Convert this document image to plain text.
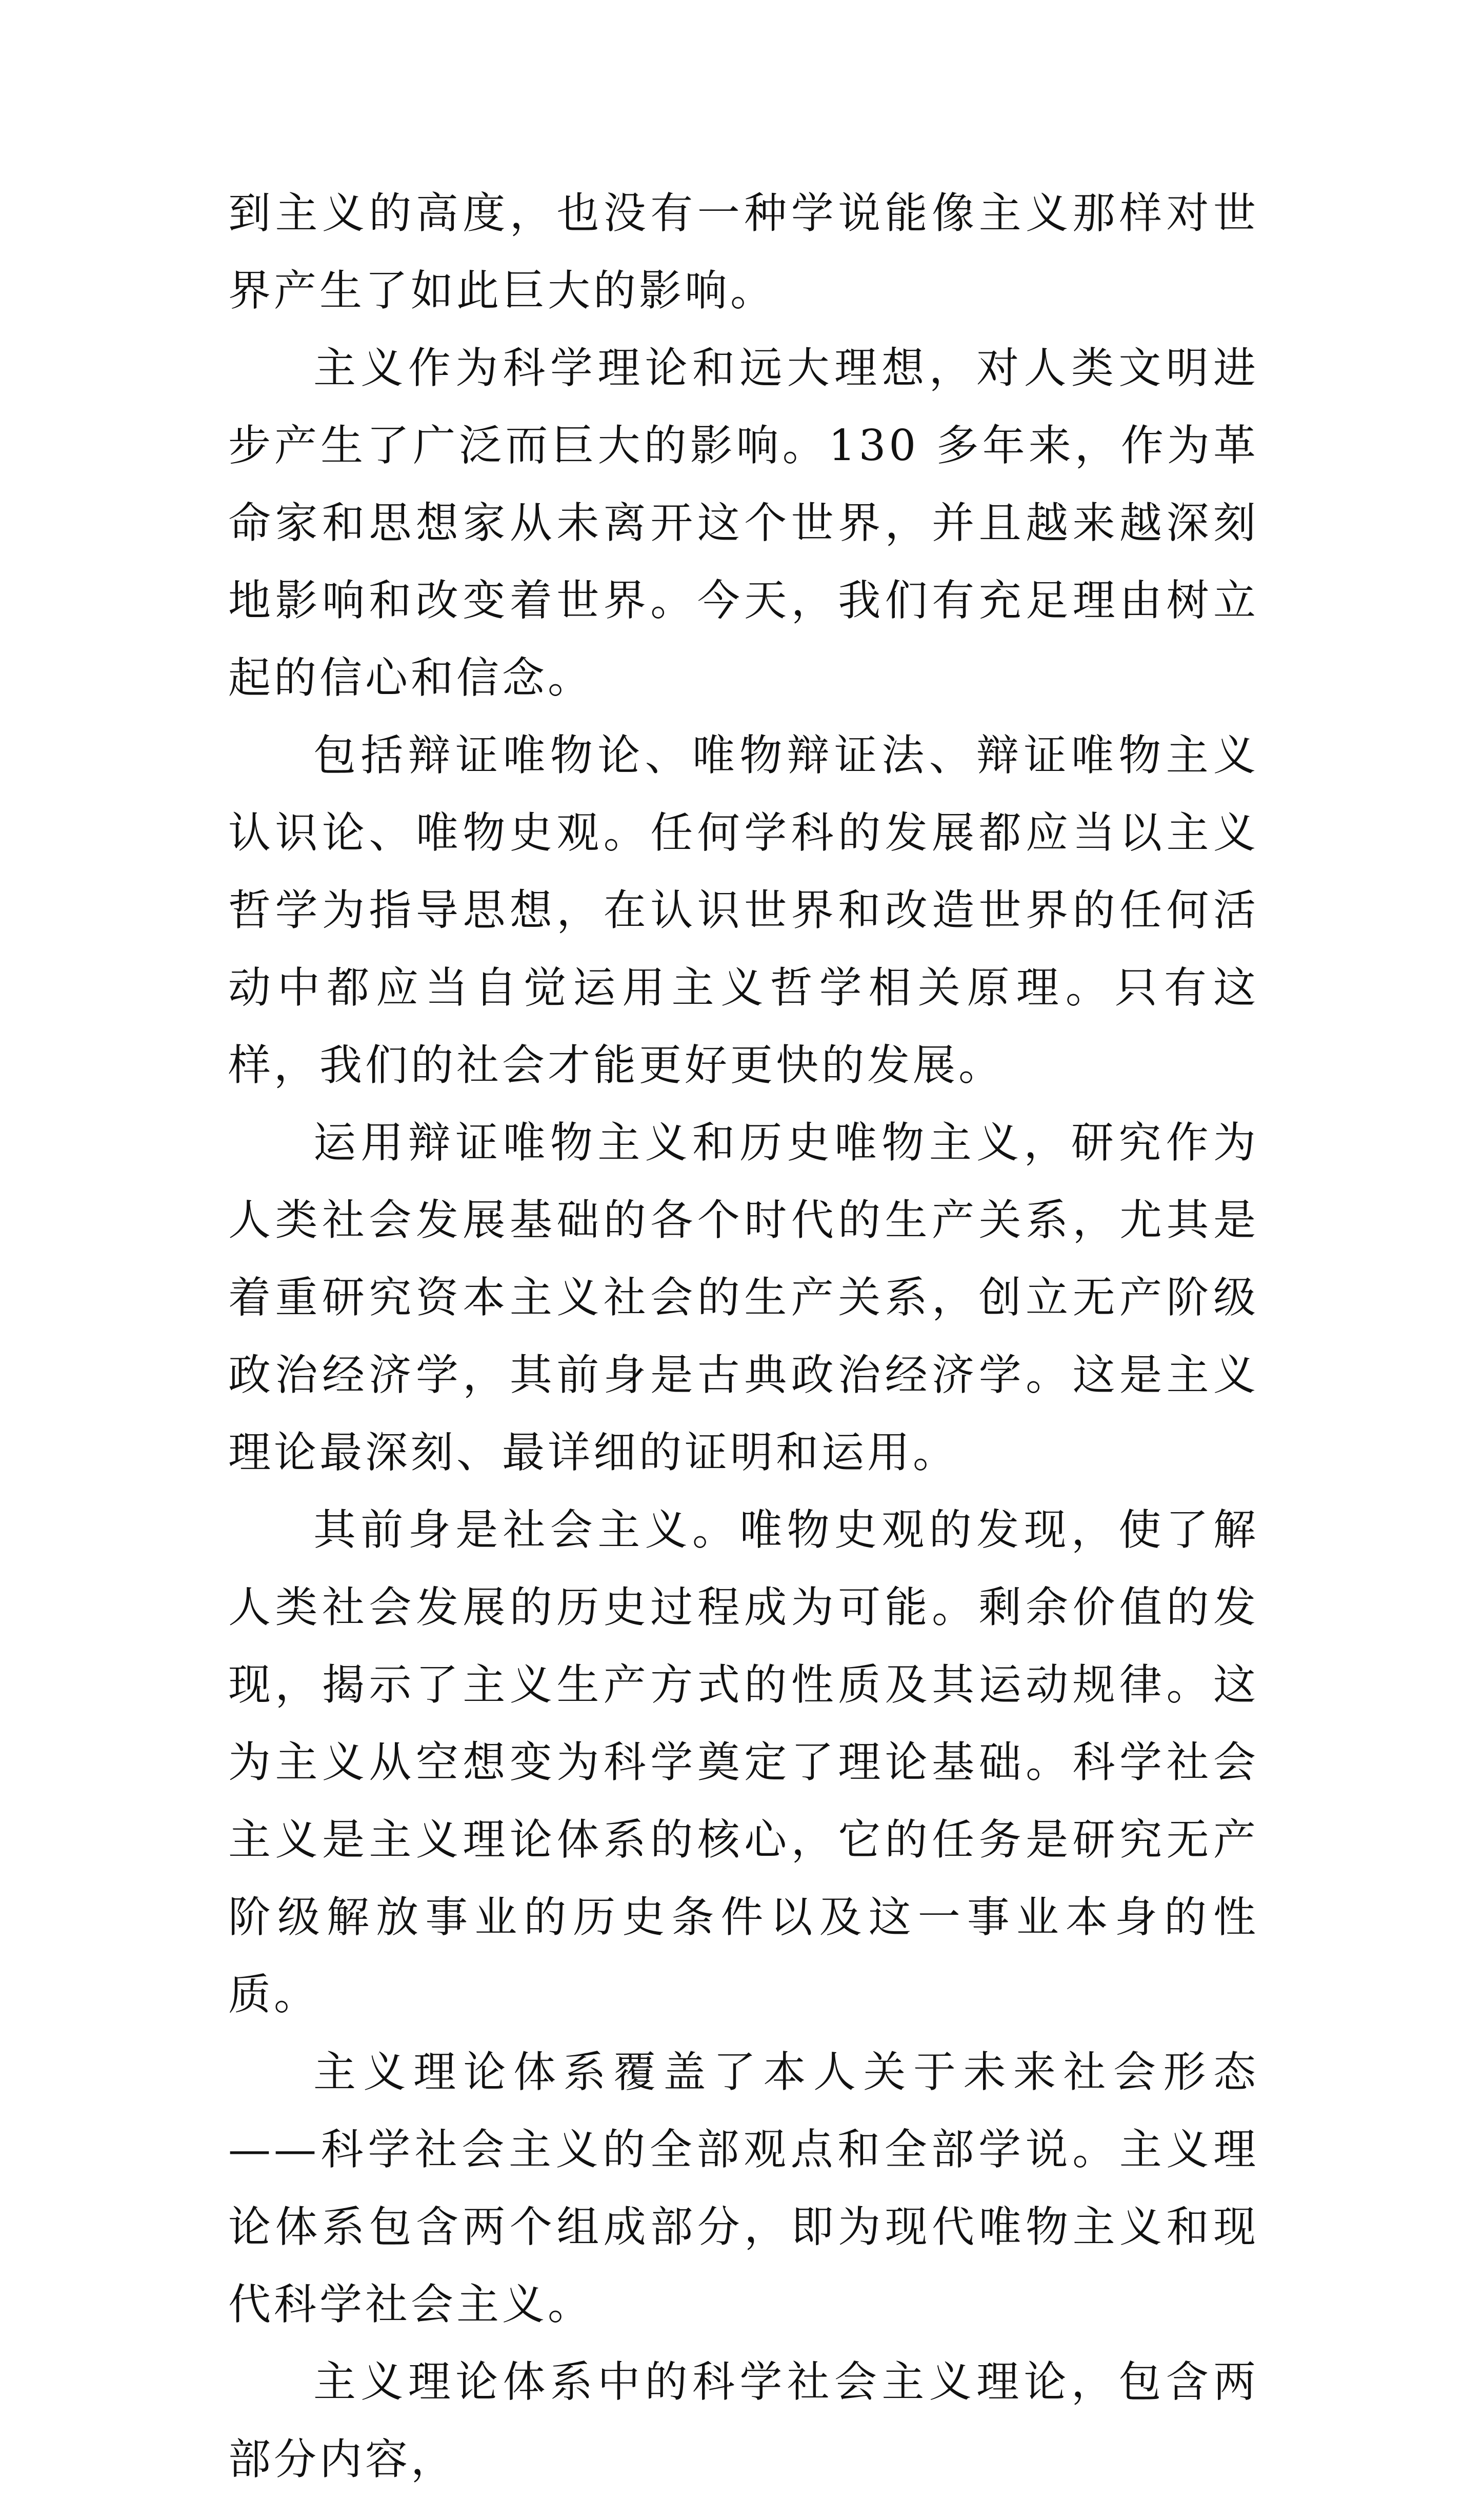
到主义的高度，也没有一种学说能像主义那样对世界产生了如此巨大的影响。

主义作为科学理论和远大理想，对人类文明进步产生了广泛而巨大的影响。130 多年来，作为革命家和思想家从未离开这个世界，并且越来越深刻地影响和改变着世界。今天，我们有充足理由树立起的信心和信念。

包括辩证唯物论、唯物辩证法、辩证唯物主义认识论、唯物史观。任何学科的发展都应当以主义哲学为指导思想，在认识世界和改造世界的任何活动中都应当自觉运用主义哲学相关原理。只有这样，我们的社会才能更好更快的发展。

运用辩证唯物主义和历史唯物主义，研究作为人类社会发展基础的各个时代的生产关系，尤其是着重研究资本主义社会的生产关系，创立无产阶级政治经济学，其前身是古典政治经济学。这是主义理论最深刻、最详细的证明和运用。

其前身是社会主义。唯物史观的发现，使了解人类社会发展的历史过程成为可能。剩余价值的发现，揭示了主义生产方式的性质及其运动规律。这为主义从空想变为科学奠定了理论基础。科学社会主义是主义理论体系的核心，它的任务是研究无产阶级解放事业的历史条件以及这一事业本身的性质。

主义理论体系覆盖了本人关于未来社会形态——科学社会主义的全部观点和全部学说。主义理论体系包含两个组成部分，即为现代唯物主义和现代科学社会主义。

主义理论体系中的科学社会主义理论，包含两部分内容，
